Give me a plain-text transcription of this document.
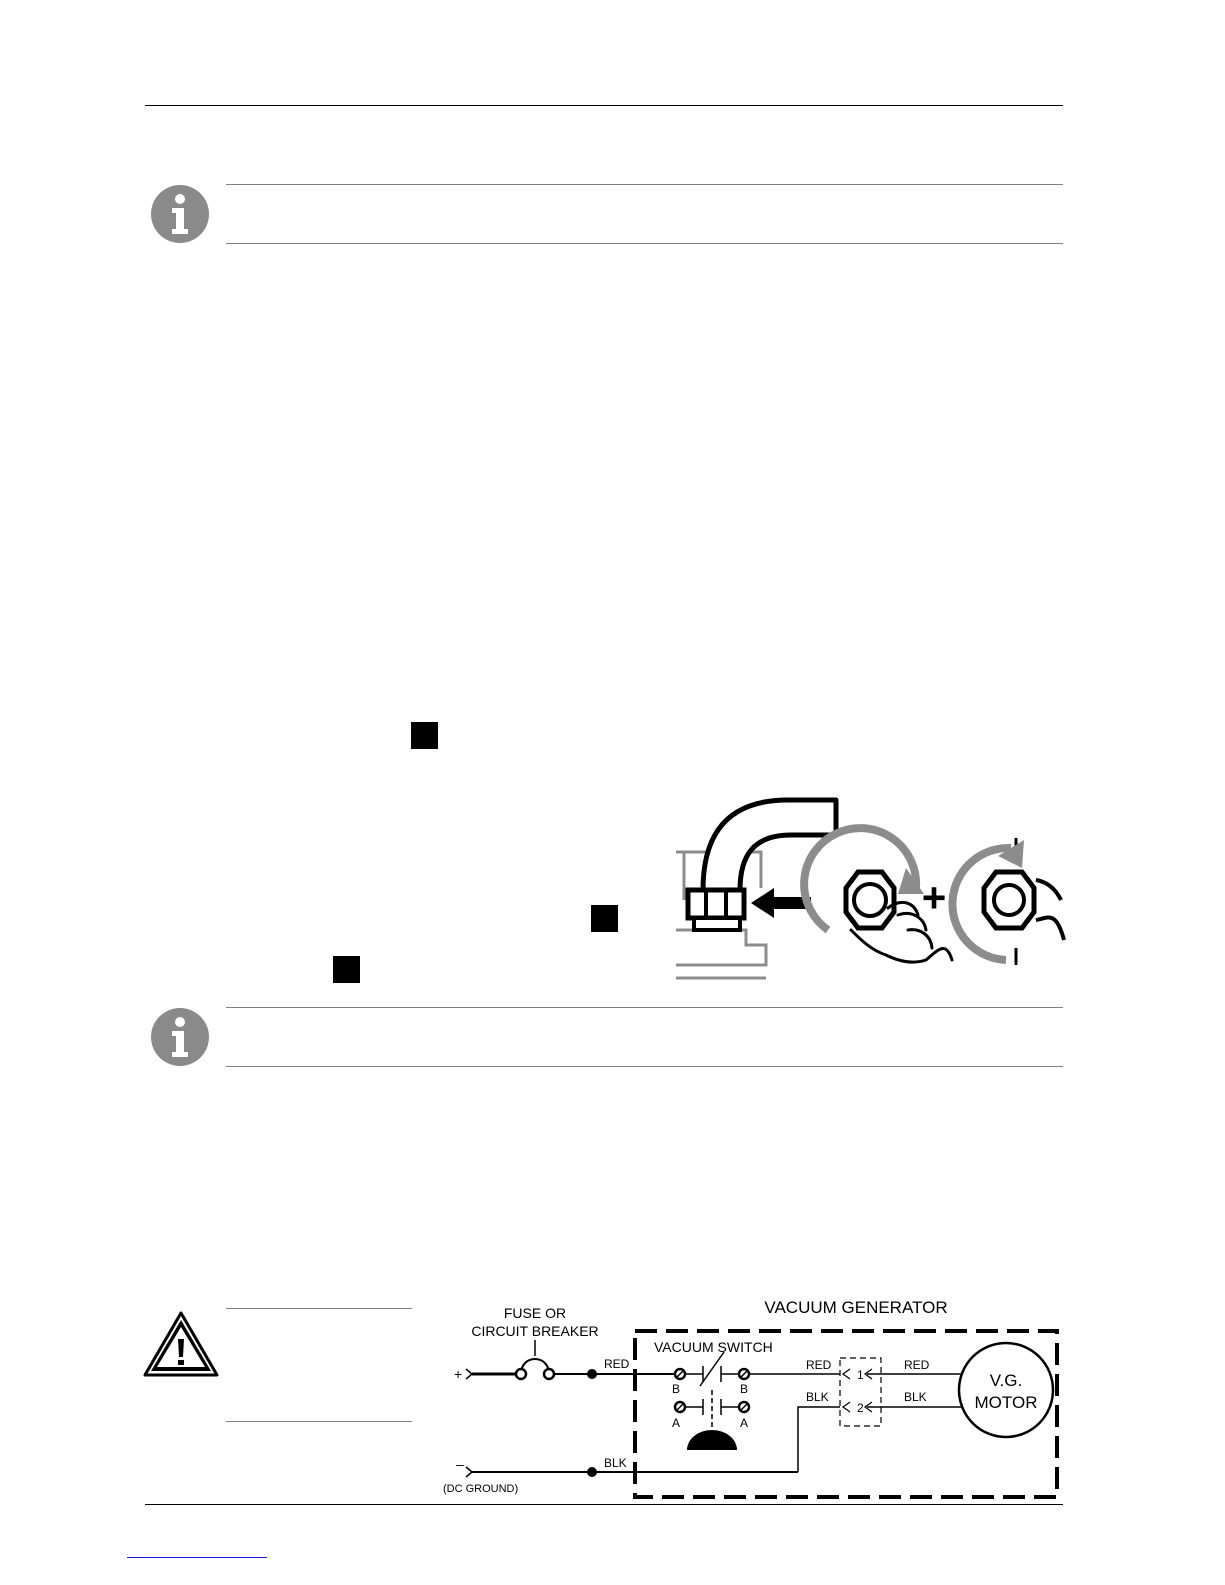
+
VACUUM GENERATOR
FUSE OR
CIRCUIT BREAKER
+
RED
–	BLK
(DC GROUND)
VACUUM SWITCH
B	B
A	A
RED
BLK
1
2
RED
BLK
V.G.
MOTOR
